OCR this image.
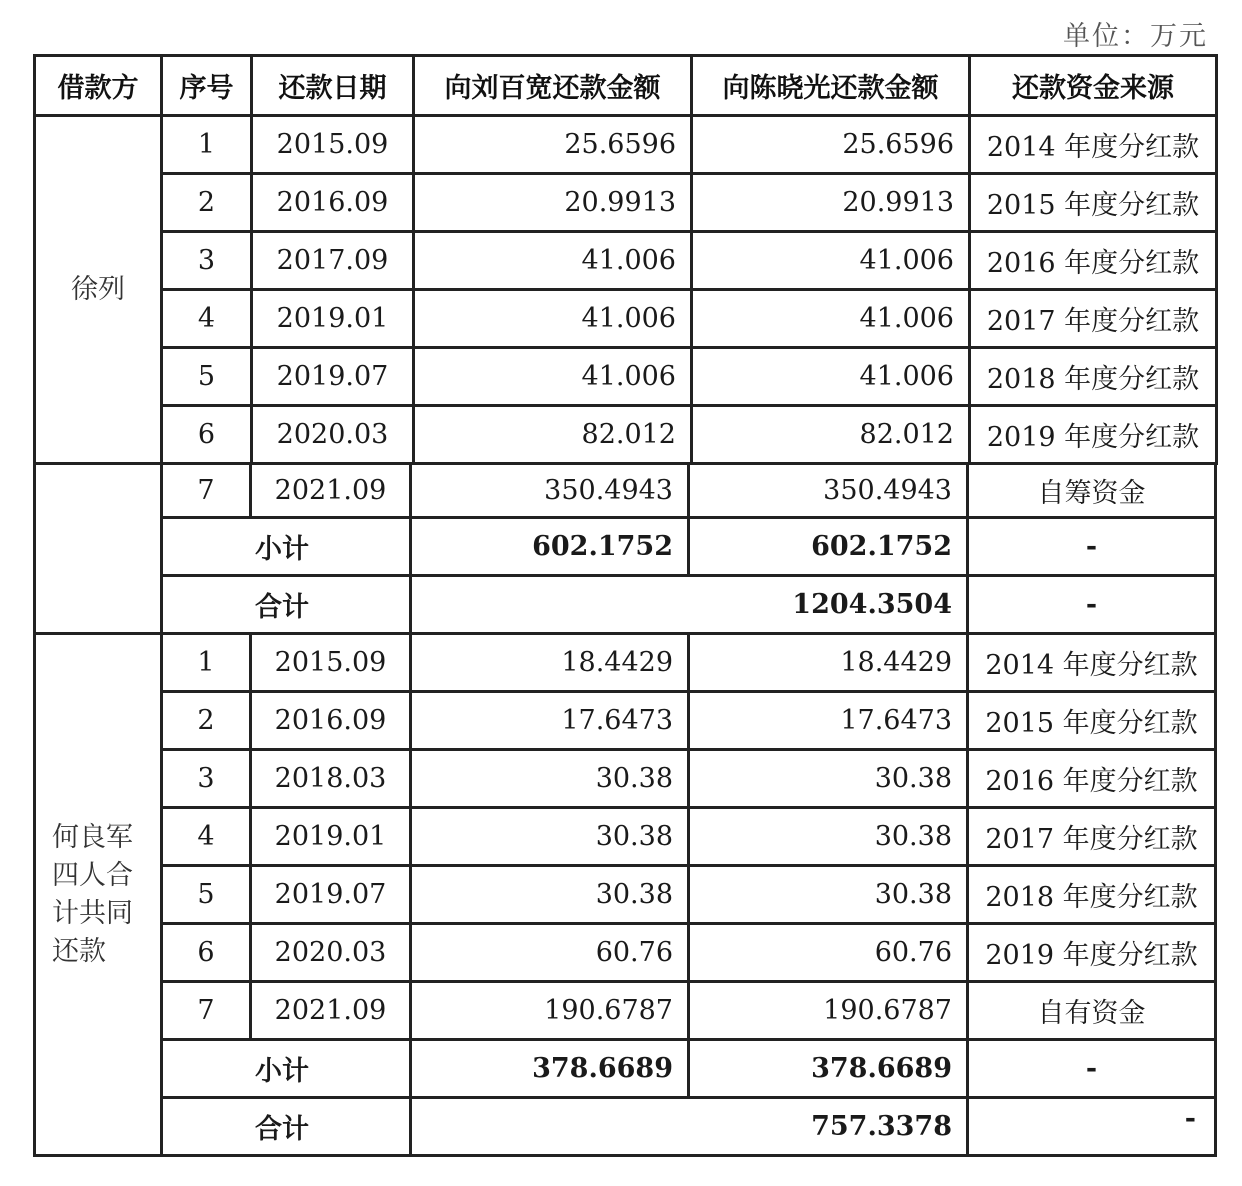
单位：万元
借款方	序号	还款日期	向刘百宽还款金额	向陈晓光还款金额	还款资金来源
徐列	1	2015.09	25.6596	25.6596	2014 年度分红款
	2	2016.09	20.9913	20.9913	2015 年度分红款
	3	2017.09	41.006	41.006	2016 年度分红款
	4	2019.01	41.006	41.006	2017 年度分红款
	5	2019.07	41.006	41.006	2018 年度分红款
	6	2020.03	82.012	82.012	2019 年度分红款
	7	2021.09	350.4943	350.4943	自筹资金
	小计		602.1752	602.1752	-
	合计		1204.3504		-

何良军四人合计共同还款	1	2015.09	18.4429	18.4429	2014 年度分红款
	2	2016.09	17.6473	17.6473	2015 年度分红款
	3	2018.03	30.38	30.38	2016 年度分红款
	4	2019.01	30.38	30.38	2017 年度分红款
	5	2019.07	30.38	30.38	2018 年度分红款
	6	2020.03	60.76	60.76	2019 年度分红款
	7	2021.09	190.6787	190.6787	自有资金
	小计		378.6689	378.6689	-
	合计		757.3378		-
